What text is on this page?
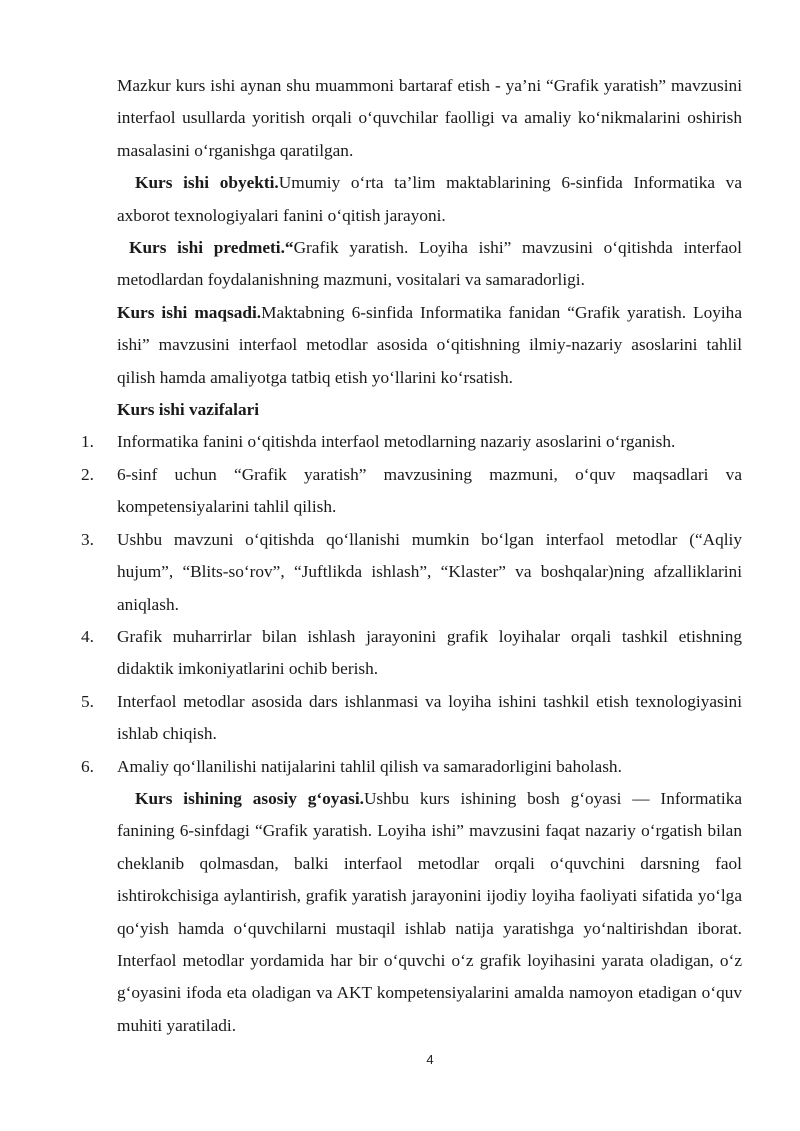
Mazkur kurs ishi aynan shu muammoni bartaraf etish - ya’ni “Grafik yaratish” mavzusini interfaol usullarda yoritish orqali o‘quvchilar faolligi va amaliy ko‘nikmalarini oshirish masalasini o‘rganishga qaratilgan.

Kurs ishi obyekti.Umumiy o‘rta ta’lim maktablarining 6-sinfida Informatika va axborot texnologiyalari fanini o‘qitish jarayoni.

Kurs ishi predmeti.“Grafik yaratish. Loyiha ishi” mavzusini o‘qitishda interfaol metodlardan foydalanishning mazmuni, vositalari va samaradorligi.

Kurs ishi maqsadi.Maktabning 6-sinfida Informatika fanidan “Grafik yaratish. Loyiha ishi” mavzusini interfaol metodlar asosida o‘qitishning ilmiy-nazariy asoslarini tahlil qilish hamda amaliyotga tatbiq etish yo‘llarini ko‘rsatish.

Kurs ishi vazifalari

1.	Informatika fanini o‘qitishda interfaol metodlarning nazariy asoslarini o‘rganish.
2.	6-sinf uchun “Grafik yaratish” mavzusining mazmuni, o‘quv maqsadlari va kompetensiyalarini tahlil qilish.
3.	Ushbu mavzuni o‘qitishda qo‘llanishi mumkin bo‘lgan interfaol metodlar (“Aqliy hujum”, “Blits-so‘rov”, “Juftlikda ishlash”, “Klaster” va boshqalar)ning afzalliklarini aniqlash.
4.	Grafik muharrirlar bilan ishlash jarayonini grafik loyihalar orqali tashkil etishning didaktik imkoniyatlarini ochib berish.
5.	Interfaol metodlar asosida dars ishlanmasi va loyiha ishini tashkil etish texnologiyasini ishlab chiqish.
6.	Amaliy qo‘llanilishi natijalarini tahlil qilish va samaradorligini baholash.

Kurs ishining asosiy g‘oyasi.Ushbu kurs ishining bosh g‘oyasi — Informatika fanining 6-sinfdagi “Grafik yaratish. Loyiha ishi” mavzusini faqat nazariy o‘rgatish bilan cheklanib qolmasdan, balki interfaol metodlar orqali o‘quvchini darsning faol ishtirokchisiga aylantirish, grafik yaratish jarayonini ijodiy loyiha faoliyati sifatida yo‘lga qo‘yish hamda o‘quvchilarni mustaqil ishlab natija yaratishga yo‘naltirishdan iborat. Interfaol metodlar yordamida har bir o‘quvchi o‘z grafik loyihasini yarata oladigan, o‘z g‘oyasini ifoda eta oladigan va AKT kompetensiyalarini amalda namoyon etadigan o‘quv muhiti yaratiladi.

4
